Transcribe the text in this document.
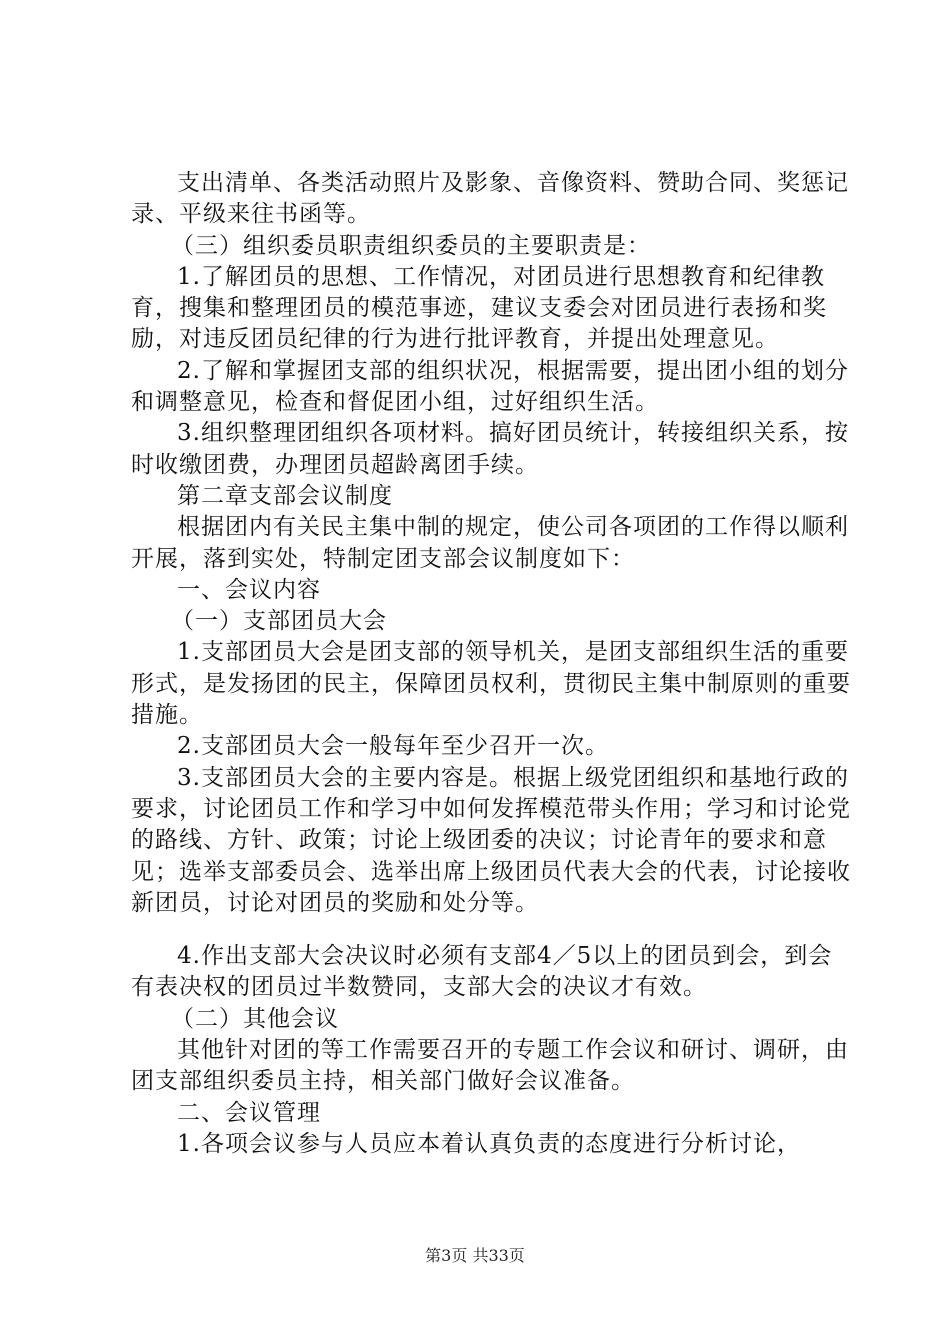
支出清单、各类活动照片及影象、音像资料、赞助合同、奖惩记录、平级来往书函等。

（三）组织委员职责组织委员的主要职责是：

1.了解团员的思想、工作情况，对团员进行思想教育和纪律教育，搜集和整理团员的模范事迹，建议支委会对团员进行表扬和奖励，对违反团员纪律的行为进行批评教育，并提出处理意见。

2.了解和掌握团支部的组织状况，根据需要，提出团小组的划分和调整意见，检查和督促团小组，过好组织生活。

3.组织整理团组织各项材料。搞好团员统计，转接组织关系，按时收缴团费，办理团员超龄离团手续。

第二章支部会议制度

根据团内有关民主集中制的规定，使公司各项团的工作得以顺利开展，落到实处，特制定团支部会议制度如下：

一、会议内容

（一）支部团员大会

1.支部团员大会是团支部的领导机关，是团支部组织生活的重要形式，是发扬团的民主，保障团员权利，贯彻民主集中制原则的重要措施。

2.支部团员大会一般每年至少召开一次。

3.支部团员大会的主要内容是。根据上级党团组织和基地行政的要求，讨论团员工作和学习中如何发挥模范带头作用；学习和讨论党的路线、方针、政策；讨论上级团委的决议；讨论青年的要求和意见；选举支部委员会、选举出席上级团员代表大会的代表，讨论接收新团员，讨论对团员的奖励和处分等。

4.作出支部大会决议时必须有支部4／5以上的团员到会，到会有表决权的团员过半数赞同，支部大会的决议才有效。

（二）其他会议

其他针对团的等工作需要召开的专题工作会议和研讨、调研，由团支部组织委员主持，相关部门做好会议准备。

二、会议管理

1.各项会议参与人员应本着认真负责的态度进行分析讨论，

第3页 共33页
